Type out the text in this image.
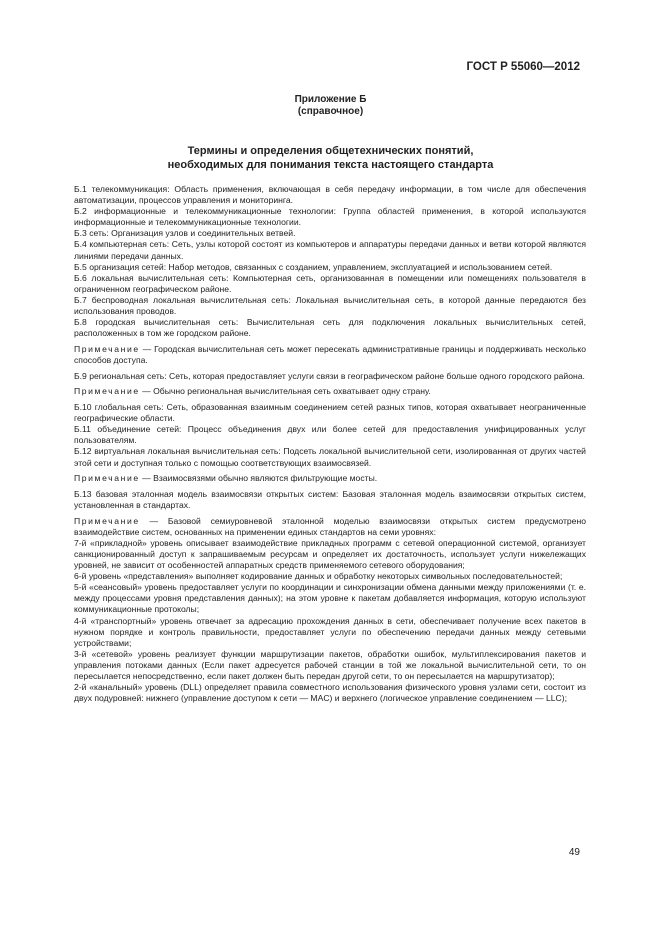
ГОСТ Р 55060—2012
Приложение Б
(справочное)
Термины и определения общетехнических понятий,
необходимых для понимания текста настоящего стандарта

Б.1 телекоммуникация: Область применения, включающая в себя передачу информации, в том числе для обеспечения автоматизации, процессов управления и мониторинга.

Б.2 информационные и телекоммуникационные технологии: Группа областей применения, в которой используются информационные и телекоммуникационные технологии.

Б.3 сеть: Организация узлов и соединительных ветвей.

Б.4 компьютерная сеть: Сеть, узлы которой состоят из компьютеров и аппаратуры передачи данных и ветви которой являются линиями передачи данных.

Б.5 организация сетей: Набор методов, связанных с созданием, управлением, эксплуатацией и использованием сетей.

Б.6 локальная вычислительная сеть: Компьютерная сеть, организованная в помещении или помещениях пользователя в ограниченном географическом районе.

Б.7 беспроводная локальная вычислительная сеть: Локальная вычислительная сеть, в которой данные передаются без использования проводов.

Б.8 городская вычислительная сеть: Вычислительная сеть для подключения локальных вычислительных сетей, расположенных в том же городском районе.

Примечание — Городская вычислительная сеть может пересекать административные границы и поддерживать несколько способов доступа.

Б.9 региональная сеть: Сеть, которая предоставляет услуги связи в географическом районе больше одного городского района.

Примечание — Обычно региональная вычислительная сеть охватывает одну страну.

Б.10 глобальная сеть: Сеть, образованная взаимным соединением сетей разных типов, которая охватывает неограниченные географические области.

Б.11 объединение сетей: Процесс объединения двух или более сетей для предоставления унифицированных услуг пользователям.

Б.12 виртуальная локальная вычислительная сеть: Подсеть локальной вычислительной сети, изолированная от других частей этой сети и доступная только с помощью соответствующих взаимосвязей.

Примечание — Взаимосвязями обычно являются фильтрующие мосты.

Б.13 базовая эталонная модель взаимосвязи открытых систем: Базовая эталонная модель взаимосвязи открытых систем, установленная в стандартах.

Примечание — Базовой семиуровневой эталонной моделью взаимосвязи открытых систем предусмотрено взаимодействие систем, основанных на применении единых стандартов на семи уровнях:

7-й «прикладной» уровень описывает взаимодействие прикладных программ с сетевой операционной системой, организует санкционированный доступ к запрашиваемым ресурсам и определяет их достаточность, использует услуги нижележащих уровней, не зависит от особенностей аппаратных средств применяемого сетевого оборудования;

6-й уровень «представления» выполняет кодирование данных и обработку некоторых символьных последовательностей;

5-й «сеансовый» уровень предоставляет услуги по координации и синхронизации обмена данными между приложениями (т. е. между процессами уровня представления данных); на этом уровне к пакетам добавляется информация, которую используют коммуникационные протоколы;

4-й «транспортный» уровень отвечает за адресацию прохождения данных в сети, обеспечивает получение всех пакетов в нужном порядке и контроль правильности, предоставляет услуги по обеспечению передачи данных между сетевыми устройствами;

3-й «сетевой» уровень реализует функции маршрутизации пакетов, обработки ошибок, мультиплексирования пакетов и управления потоками данных (Если пакет адресуется рабочей станции в той же локальной вычислительной сети, то он пересылается непосредственно, если пакет должен быть передан другой сети, то он пересылается на маршрутизатор);

2-й «канальный» уровень (DLL) определяет правила совместного использования физического уровня узлами сети, состоит из двух подуровней: нижнего (управление доступом к сети — MAC) и верхнего (логическое управление соединением — LLC);

49
